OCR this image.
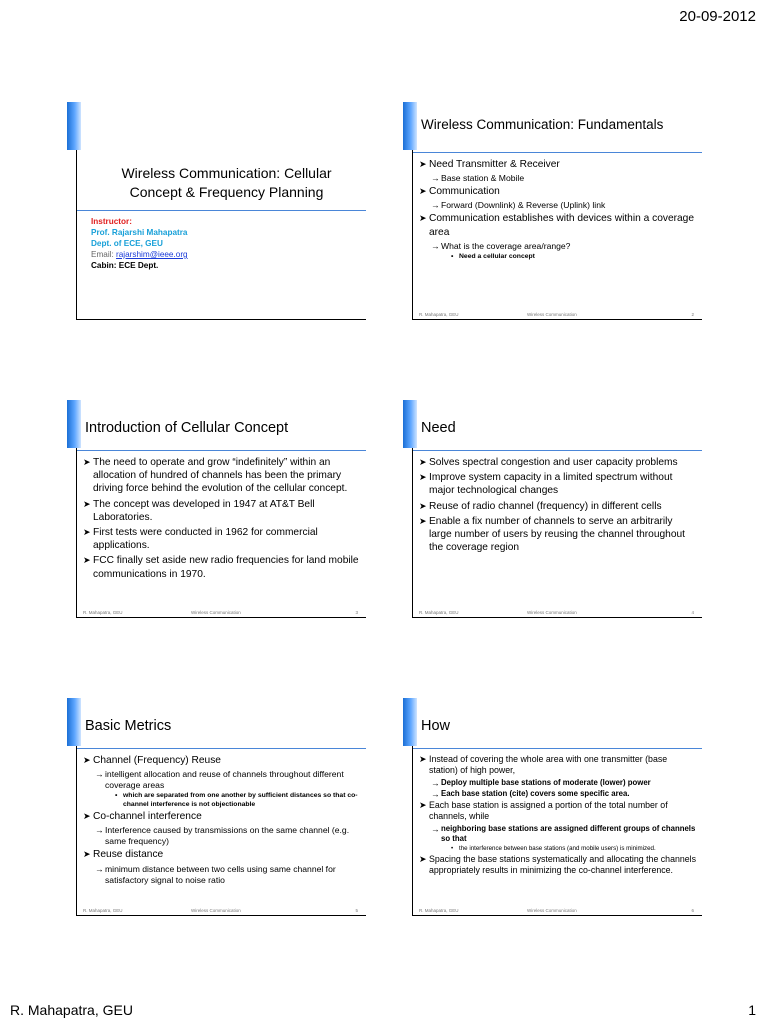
20-09-2012
Wireless Communication: Cellular Concept & Frequency Planning
Instructor:
Prof. Rajarshi Mahapatra
Dept. of ECE, GEU
Email: rajarshim@ieee.org
Cabin: ECE Dept.
Wireless Communication: Fundamentals
➤ Need Transmitter & Receiver
→ Base station & Mobile
➤ Communication
→ Forward (Downlink) & Reverse (Uplink) link
➤ Communication establishes with devices within a coverage area
→ What is the coverage area/range?
• Need a cellular concept
R. Mahapatra, GEU	Wireless Communication	2
Introduction of Cellular Concept
➤ The need to operate and grow “indefinitely” within an allocation of hundred of channels has been the primary driving force behind the evolution of the cellular concept.
➤ The concept was developed in 1947 at AT&T Bell Laboratories.
➤ First tests were conducted in 1962 for commercial applications.
➤ FCC finally set aside new radio frequencies for land mobile communications in 1970.
R. Mahapatra, GEU	Wireless Communication	3
Need
➤ Solves spectral congestion and user capacity problems
➤ Improve system capacity in a limited spectrum without major technological changes
➤ Reuse of radio channel (frequency) in different cells
➤ Enable a fix number of channels to serve an arbitrarily large number of users by reusing the channel throughout the coverage region
R. Mahapatra, GEU	Wireless Communication	4
Basic Metrics
➤ Channel (Frequency) Reuse
→ intelligent allocation and reuse of channels throughout different coverage areas
• which are separated from one another by sufficient distances so that co-channel interference is not objectionable
➤ Co-channel interference
→ Interference caused by transmissions on the same channel (e.g. same frequency)
➤ Reuse distance
→ minimum distance between two cells using same channel for satisfactory signal to noise ratio
R. Mahapatra, GEU	Wireless Communication	5
How
➤ Instead of covering the whole area with one transmitter (base station) of high power,
→ Deploy multiple base stations of moderate (lower) power
→ Each base station (cite) covers some specific area.
➤ Each base station is assigned a portion of the total number of channels, while
→ neighboring base stations are assigned different groups of channels so that
• the interference between base stations (and mobile users) is minimized.
➤ Spacing the base stations systematically and allocating the channels appropriately results in minimizing the co-channel interference.
R. Mahapatra, GEU	Wireless Communication	6
R. Mahapatra, GEU	1
